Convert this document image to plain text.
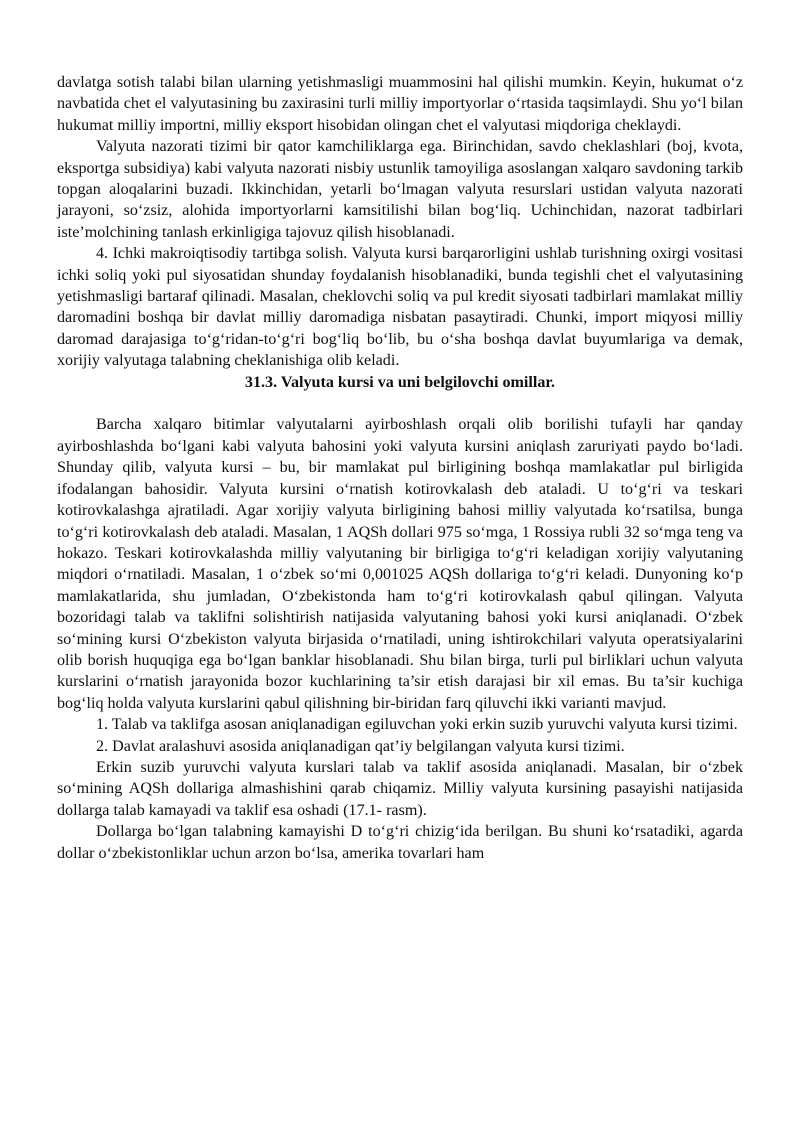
davlatga sotish talabi bilan ularning yetishmasligi muammosini hal qilishi mumkin. Keyin, hukumat o‘z navbatida chet el valyutasining bu zaxirasini turli milliy importyorlar o‘rtasida taqsimlaydi. Shu yo‘l bilan hukumat milliy importni, milliy eksport hisobidan olingan chet el valyutasi miqdoriga cheklaydi.

Valyuta nazorati tizimi bir qator kamchiliklarga ega. Birinchidan, savdo cheklashlari (boj, kvota, eksportga subsidiya) kabi valyuta nazorati nisbiy ustunlik tamoyiliga asoslangan xalqaro savdoning tarkib topgan aloqalarini buzadi. Ikkinchidan, yetarli bo‘lmagan valyuta resurslari ustidan valyuta nazorati jarayoni, so‘zsiz, alohida importyorlarni kamsitilishi bilan bog‘liq. Uchinchidan, nazorat tadbirlari iste’molchining tanlash erkinligiga tajovuz qilish hisoblanadi.

4. Ichki makroiqtisodiy tartibga solish. Valyuta kursi barqarorligini ushlab turishning oxirgi vositasi ichki soliq yoki pul siyosatidan shunday foydalanish hisoblanadiki, bunda tegishli chet el valyutasining yetishmasligi bartaraf qilinadi. Masalan, cheklovchi soliq va pul kredit siyosati tadbirlari mamlakat milliy daromadini boshqa bir davlat milliy daromadiga nisbatan pasaytiradi. Chunki, import miqyosi milliy daromad darajasiga to‘g‘ridan-to‘g‘ri bog‘liq bo‘lib, bu o‘sha boshqa davlat buyumlariga va demak, xorijiy valyutaga talabning cheklanishiga olib keladi.

31.3. Valyuta kursi va uni belgilovchi omillar.

Barcha xalqaro bitimlar valyutalarni ayirboshlash orqali olib borilishi tufayli har qanday ayirboshlashda bo‘lgani kabi valyuta bahosini yoki valyuta kursini aniqlash zaruriyati paydo bo‘ladi. Shunday qilib, valyuta kursi – bu, bir mamlakat pul birligining boshqa mamlakatlar pul birligida ifodalangan bahosidir. Valyuta kursini o‘rnatish kotirovkalash deb ataladi. U to‘g‘ri va teskari kotirovkalashga ajratiladi. Agar xorijiy valyuta birligining bahosi milliy valyutada ko‘rsatilsa, bunga to‘g‘ri kotirovkalash deb ataladi. Masalan, 1 AQSh dollari 975 so‘mga, 1 Rossiya rubli 32 so‘mga teng va hokazo. Teskari kotirovkalashda milliy valyutaning bir birligiga to‘g‘ri keladigan xorijiy valyutaning miqdori o‘rnatiladi. Masalan, 1 o‘zbek so‘mi 0,001025 AQSh dollariga to‘g‘ri keladi. Dunyoning ko‘p mamlakatlarida, shu jumladan, O‘zbekistonda ham to‘g‘ri kotirovkalash qabul qilingan. Valyuta bozoridagi talab va taklifni solishtirish natijasida valyutaning bahosi yoki kursi aniqlanadi. O‘zbek so‘mining kursi O‘zbekiston valyuta birjasida o‘rnatiladi, uning ishtirokchilari valyuta operatsiyalarini olib borish huquqiga ega bo‘lgan banklar hisoblanadi. Shu bilan birga, turli pul birliklari uchun valyuta kurslarini o‘rnatish jarayonida bozor kuchlarining ta’sir etish darajasi bir xil emas. Bu ta’sir kuchiga bog‘liq holda valyuta kurslarini qabul qilishning bir-biridan farq qiluvchi ikki varianti mavjud.

1. Talab va taklifga asosan aniqlanadigan egiluvchan yoki erkin suzib yuruvchi valyuta kursi tizimi.

2. Davlat aralashuvi asosida aniqlanadigan qat’iy belgilangan valyuta kursi tizimi.

Erkin suzib yuruvchi valyuta kurslari talab va taklif asosida aniqlanadi. Masalan, bir o‘zbek so‘mining AQSh dollariga almashishini qarab chiqamiz. Milliy valyuta kursining pasayishi natijasida dollarga talab kamayadi va taklif esa oshadi (17.1- rasm).

Dollarga bo‘lgan talabning kamayishi D to‘g‘ri chizig‘ida berilgan. Bu shuni ko‘rsatadiki, agarda dollar o‘zbekistonliklar uchun arzon bo‘lsa, amerika tovarlari ham
